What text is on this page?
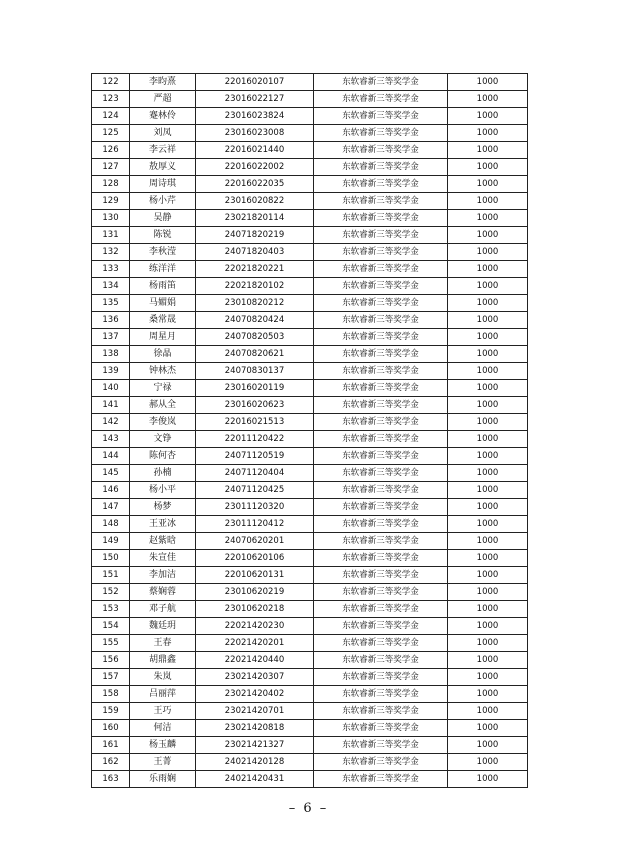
122	李昀熹	22016020107	东软睿新三等奖学金	1000
123	严超	23016022127	东软睿新三等奖学金	1000
124	蹇林伶	23016023824	东软睿新三等奖学金	1000
125	刘凤	23016023008	东软睿新三等奖学金	1000
126	李云祥	22016021440	东软睿新三等奖学金	1000
127	敖厚义	22016022002	东软睿新三等奖学金	1000
128	周诗琪	22016022035	东软睿新三等奖学金	1000
129	杨小芹	23016020822	东软睿新三等奖学金	1000
130	吴静	23021820114	东软睿新三等奖学金	1000
131	陈锐	24071820219	东软睿新三等奖学金	1000
132	李秋滢	24071820403	东软睿新三等奖学金	1000
133	练洋洋	22021820221	东软睿新三等奖学金	1000
134	杨雨笛	22021820102	东软睿新三等奖学金	1000
135	马媚娟	23010820212	东软睿新三等奖学金	1000
136	桑常晟	24070820424	东软睿新三等奖学金	1000
137	周星月	24070820503	东软睿新三等奖学金	1000
138	徐晶	24070820621	东软睿新三等奖学金	1000
139	钟林杰	24070830137	东软睿新三等奖学金	1000
140	宁禄	23016020119	东软睿新三等奖学金	1000
141	郝从全	23016020623	东软睿新三等奖学金	1000
142	李俊岚	22016021513	东软睿新三等奖学金	1000
143	文铮	22011120422	东软睿新三等奖学金	1000
144	陈何杏	24071120519	东软睿新三等奖学金	1000
145	孙楠	24071120404	东软睿新三等奖学金	1000
146	杨小平	24071120425	东软睿新三等奖学金	1000
147	杨梦	23011120320	东软睿新三等奖学金	1000
148	王亚冰	23011120412	东软睿新三等奖学金	1000
149	赵紫晗	24070620201	东软睿新三等奖学金	1000
150	朱宣佳	22010620106	东软睿新三等奖学金	1000
151	李加洁	22010620131	东软睿新三等奖学金	1000
152	蔡娴蓉	23010620219	东软睿新三等奖学金	1000
153	邓子航	23010620218	东软睿新三等奖学金	1000
154	魏廷玥	22021420230	东软睿新三等奖学金	1000
155	王春	22021420201	东软睿新三等奖学金	1000
156	胡鼎鑫	22021420440	东软睿新三等奖学金	1000
157	朱岚	23021420307	东软睿新三等奖学金	1000
158	吕丽萍	23021420402	东软睿新三等奖学金	1000
159	王巧	23021420701	东软睿新三等奖学金	1000
160	何洁	23021420818	东软睿新三等奖学金	1000
161	杨玉麟	23021421327	东软睿新三等奖学金	1000
162	王菁	24021420128	东软睿新三等奖学金	1000
163	乐雨娴	24021420431	东软睿新三等奖学金	1000
– 6 –
